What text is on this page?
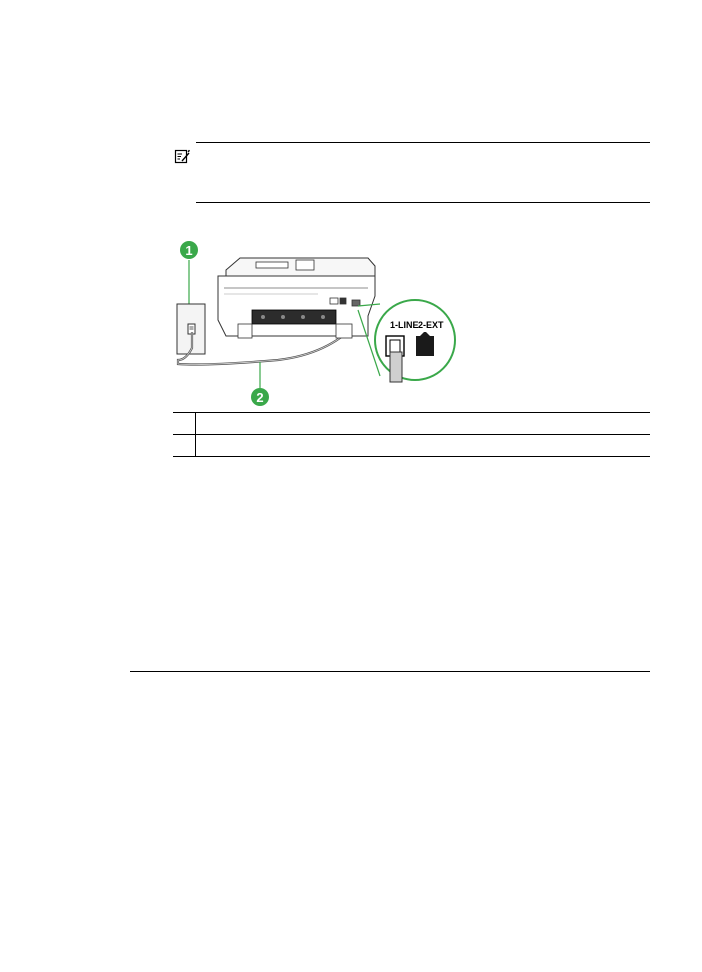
1
2
1-LINE 2-EXT
